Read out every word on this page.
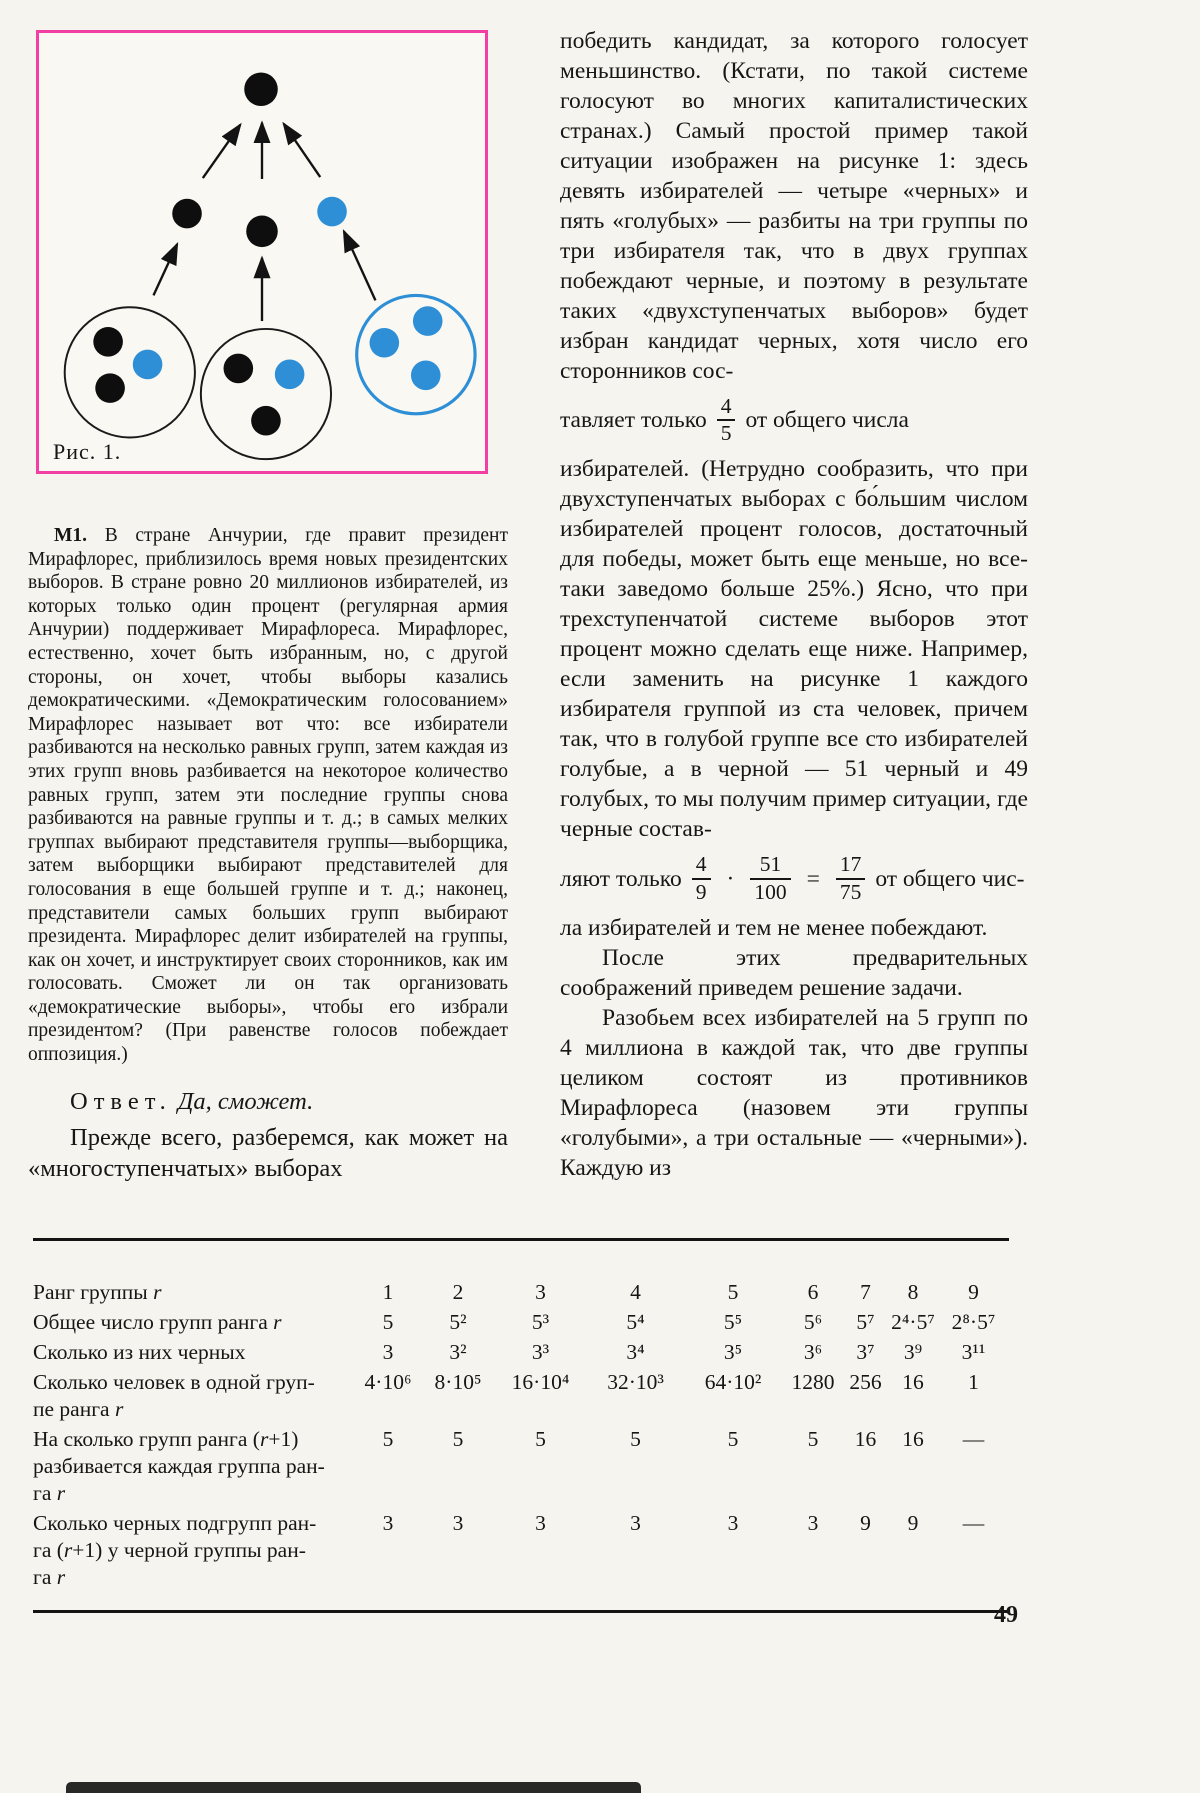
Рис. 1.

М1. В стране Анчурии, где правит президент Мирафлорес, приблизилось время новых президентских выборов. В стране ровно 20 миллионов избирателей, из которых только один процент (регулярная армия Анчурии) поддерживает Мирафлореса. Мирафлорес, естественно, хочет быть избранным, но, с другой стороны, он хочет, чтобы выборы казались демократическими. «Демократическим голосованием» Мирафлорес называет вот что: все избиратели разбиваются на несколько равных групп, затем каждая из этих групп вновь разбивается на некоторое количество равных групп, затем эти последние группы снова разбиваются на равные группы и т. д.; в самых мелких группах выбирают представителя группы—выборщика, затем выборщики выбирают представителей для голосования в еще большей группе и т. д.; наконец, представители самых больших групп выбирают президента. Мирафлорес делит избирателей на группы, как он хочет, и инструктирует своих сторонников, как им голосовать. Сможет ли он так организовать «демократические выборы», чтобы его избрали президентом? (При равенстве голосов побеждает оппозиция.)

Ответ. Да, сможет.

Прежде всего, разберемся, как может на «многоступенчатых» выборах

победить кандидат, за которого голосует меньшинство. (Кстати, по такой системе голосуют во многих капиталистических странах.) Самый простой пример такой ситуации изображен на рисунке 1: здесь девять избирателей — четыре «черных» и пять «голубых» — разбиты на три группы по три избирателя так, что в двух группах побеждают черные, и поэтому в результате таких «двухступенчатых выборов» будет избран кандидат черных, хотя число его сторонников сос-

тавляет только $\frac{4}{5}$ от общего числа

избирателей. (Нетрудно сообразить, что при двухступенчатых выборах с бо́льшим числом избирателей процент голосов, достаточный для победы, может быть еще меньше, но все-таки заведомо больше 25%.) Ясно, что при трехступенчатой системе выборов этот процент можно сделать еще ниже. Например, если заменить на рисунке 1 каждого избирателя группой из ста человек, причем так, что в голубой группе все сто избирателей голубые, а в черной — 51 черный и 49 голубых, то мы получим пример ситуации, где черные состав-

ляют только $\frac{4}{9} \cdot \frac{51}{100} = \frac{17}{75}$ от общего чис-

ла избирателей и тем не менее побеждают.

После этих предварительных соображений приведем решение задачи.

Разобьем всех избирателей на 5 групп по 4 миллиона в каждой так, что две группы целиком состоят из противников Мирафлореса (назовем эти группы «голубыми», а три остальные — «черными»). Каждую из

Ранг группы r	1	2	3	4	5	6	7	8	9
Общее число групп ранга r	5	5²	5³	5⁴	5⁵	5⁶	5⁷ 2⁴·5⁷ 2⁸·5⁷
Сколько из них черных	3	3²	3³	3⁴	3⁵	3⁶	3⁷	3⁹	3¹¹
Сколько человек в одной груп-
пе ранга r
4·10⁶	8·10⁵	16·10⁴	32·10³	64·10²	1280 256 16	1
На сколько групп ранга (r+1)
разбивается каждая группа ран-
га r
5	5	5	5	5	5	16	16	—
Сколько черных подгрупп ран-
га (r+1) у черной группы ран-
га r
3	3	3	3	3	3	9	9	—
49
